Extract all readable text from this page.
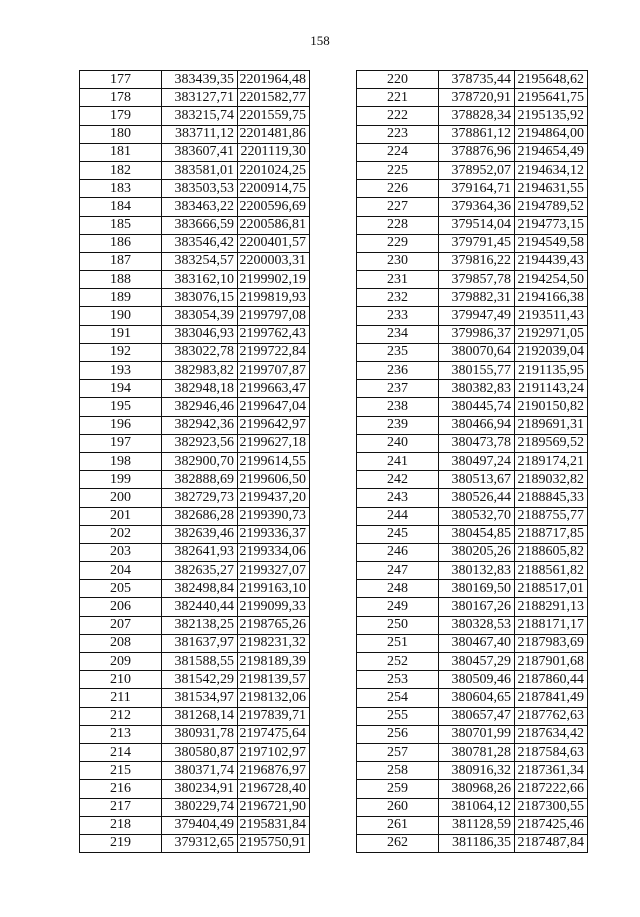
158
177	383439,35	2201964,48
178	383127,71	2201582,77
179	383215,74	2201559,75
180	383711,12	2201481,86
181	383607,41	2201119,30
182	383581,01	2201024,25
183	383503,53	2200914,75
184	383463,22	2200596,69
185	383666,59	2200586,81
186	383546,42	2200401,57
187	383254,57	2200003,31
188	383162,10	2199902,19
189	383076,15	2199819,93
190	383054,39	2199797,08
191	383046,93	2199762,43
192	383022,78	2199722,84
193	382983,82	2199707,87
194	382948,18	2199663,47
195	382946,46	2199647,04
196	382942,36	2199642,97
197	382923,56	2199627,18
198	382900,70	2199614,55
199	382888,69	2199606,50
200	382729,73	2199437,20
201	382686,28	2199390,73
202	382639,46	2199336,37
203	382641,93	2199334,06
204	382635,27	2199327,07
205	382498,84	2199163,10
206	382440,44	2199099,33
207	382138,25	2198765,26
208	381637,97	2198231,32
209	381588,55	2198189,39
210	381542,29	2198139,57
211	381534,97	2198132,06
212	381268,14	2197839,71
213	380931,78	2197475,64
214	380580,87	2197102,97
215	380371,74	2196876,97
216	380234,91	2196728,40
217	380229,74	2196721,90
218	379404,49	2195831,84
219	379312,65	2195750,91
220	378735,44	2195648,62
221	378720,91	2195641,75
222	378828,34	2195135,92
223	378861,12	2194864,00
224	378876,96	2194654,49
225	378952,07	2194634,12
226	379164,71	2194631,55
227	379364,36	2194789,52
228	379514,04	2194773,15
229	379791,45	2194549,58
230	379816,22	2194439,43
231	379857,78	2194254,50
232	379882,31	2194166,38
233	379947,49	2193511,43
234	379986,37	2192971,05
235	380070,64	2192039,04
236	380155,77	2191135,95
237	380382,83	2191143,24
238	380445,74	2190150,82
239	380466,94	2189691,31
240	380473,78	2189569,52
241	380497,24	2189174,21
242	380513,67	2189032,82
243	380526,44	2188845,33
244	380532,70	2188755,77
245	380454,85	2188717,85
246	380205,26	2188605,82
247	380132,83	2188561,82
248	380169,50	2188517,01
249	380167,26	2188291,13
250	380328,53	2188171,17
251	380467,40	2187983,69
252	380457,29	2187901,68
253	380509,46	2187860,44
254	380604,65	2187841,49
255	380657,47	2187762,63
256	380701,99	2187634,42
257	380781,28	2187584,63
258	380916,32	2187361,34
259	380968,26	2187222,66
260	381064,12	2187300,55
261	381128,59	2187425,46
262	381186,35	2187487,84
